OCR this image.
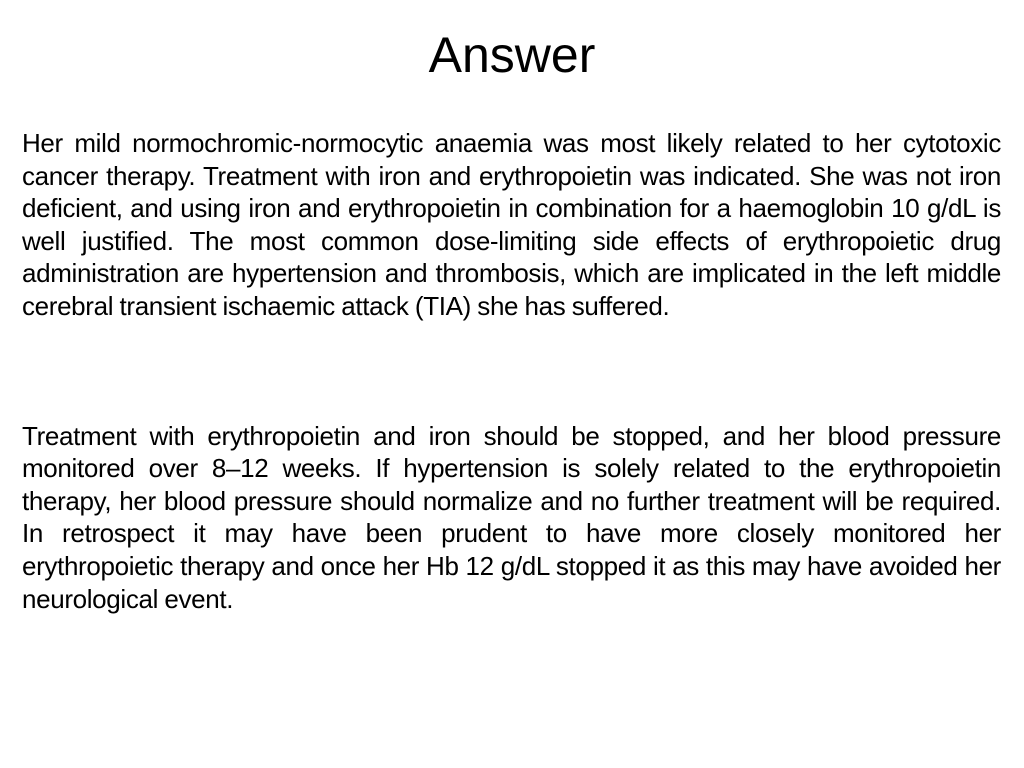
Answer

Her mild normochromic-normocytic anaemia was most likely related to her cytotoxic cancer therapy. Treatment with iron and erythropoietin was indicated. She was not iron deficient, and using iron and erythropoietin in combination for a haemoglobin 10 g/dL is well justified. The most common dose-limiting side effects of erythropoietic drug administration are hypertension and thrombosis, which are implicated in the left middle cerebral transient ischaemic attack (TIA) she has suffered.

Treatment with erythropoietin and iron should be stopped, and her blood pressure monitored over 8–12 weeks. If hypertension is solely related to the erythropoietin therapy, her blood pressure should normalize and no further treatment will be required. In retrospect it may have been prudent to have more closely monitored her erythropoietic therapy and once her Hb 12 g/dL stopped it as this may have avoided her neurological event.
